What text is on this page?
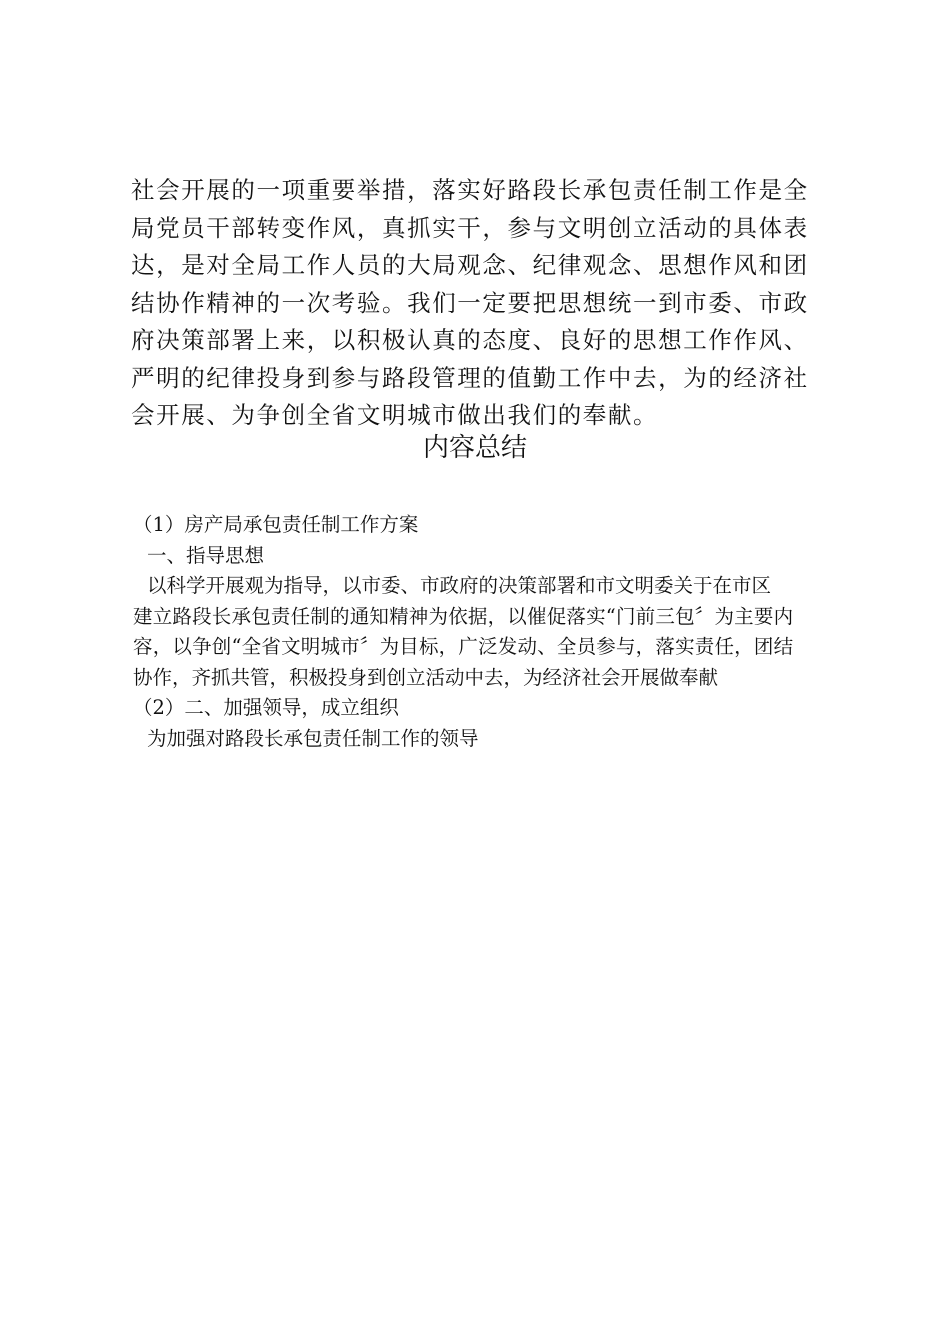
社会开展的一项重要举措，落实好路段长承包责任制工作是全
局党员干部转变作风，真抓实干，参与文明创立活动的具体表
达，是对全局工作人员的大局观念、纪律观念、思想作风和团
结协作精神的一次考验。我们一定要把思想统一到市委、市政
府决策部署上来，以积极认真的态度、良好的思想工作作风、
严明的纪律投身到参与路段管理的值勤工作中去，为的经济社
会开展、为争创全省文明城市做出我们的奉献。
内容总结
（1）房产局承包责任制工作方案
一、指导思想
以科学开展观为指导，以市委、市政府的决策部署和市文明委关于在市区
建立路段长承包责任制的通知精神为依据，以催促落实“门前三包〞为主要内
容，以争创“全省文明城市〞为目标，广泛发动、全员参与，落实责任，团结
协作，齐抓共管，积极投身到创立活动中去，为经济社会开展做奉献
（2）二、加强领导，成立组织
为加强对路段长承包责任制工作的领导
